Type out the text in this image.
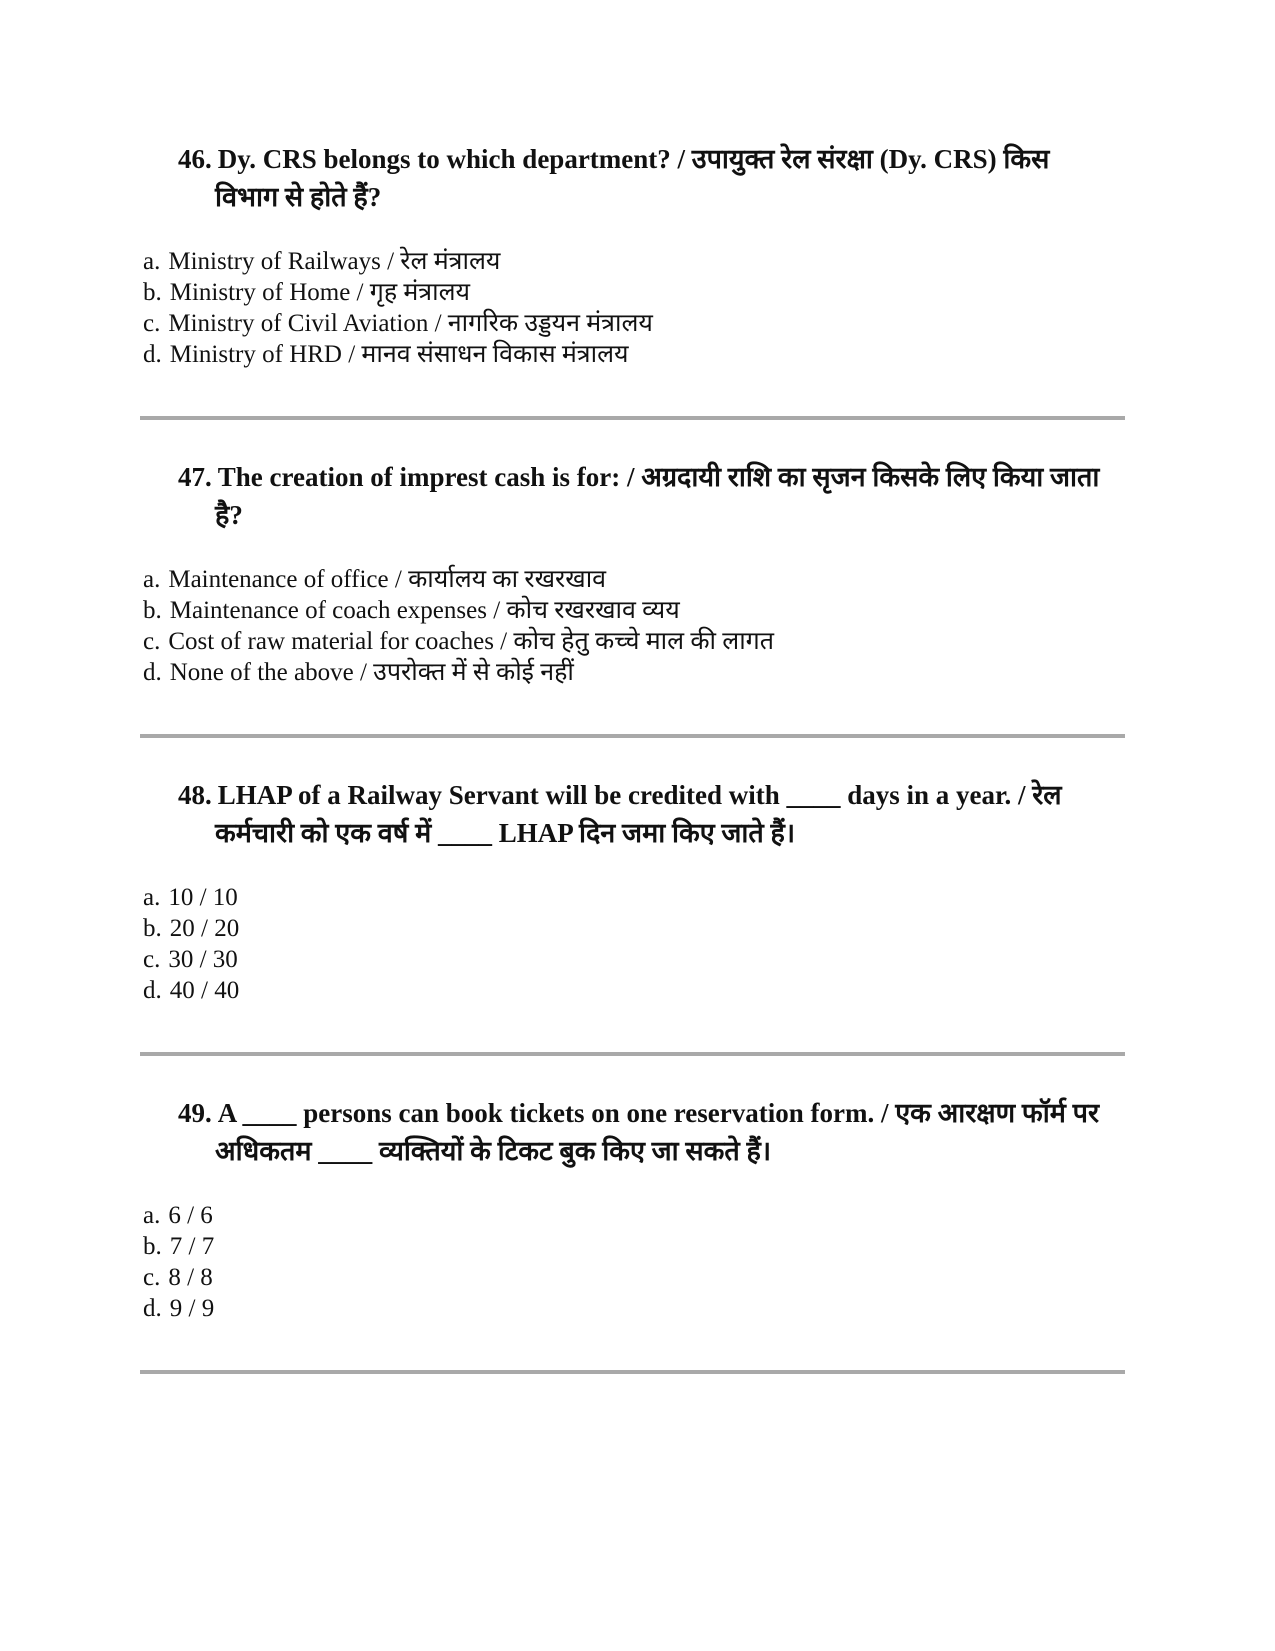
46. Dy. CRS belongs to which department? / उपायुक्त रेल संरक्षा (Dy. CRS) किस विभाग से होते हैं?
a. Ministry of Railways / रेल मंत्रालय
b. Ministry of Home / गृह मंत्रालय
c. Ministry of Civil Aviation / नागरिक उड्डयन मंत्रालय
d. Ministry of HRD / मानव संसाधन विकास मंत्रालय
47. The creation of imprest cash is for: / अग्रदायी राशि का सृजन किसके लिए किया जाता है?
a. Maintenance of office / कार्यालय का रखरखाव
b. Maintenance of coach expenses / कोच रखरखाव व्यय
c. Cost of raw material for coaches / कोच हेतु कच्चे माल की लागत
d. None of the above / उपरोक्त में से कोई नहीं
48. LHAP of a Railway Servant will be credited with ____ days in a year. / रेल कर्मचारी को एक वर्ष में ____ LHAP दिन जमा किए जाते हैं।
a. 10 / 10
b. 20 / 20
c. 30 / 30
d. 40 / 40
49. A ____ persons can book tickets on one reservation form. / एक आरक्षण फॉर्म पर अधिकतम ____ व्यक्तियों के टिकट बुक किए जा सकते हैं।
a. 6 / 6
b. 7 / 7
c. 8 / 8
d. 9 / 9
